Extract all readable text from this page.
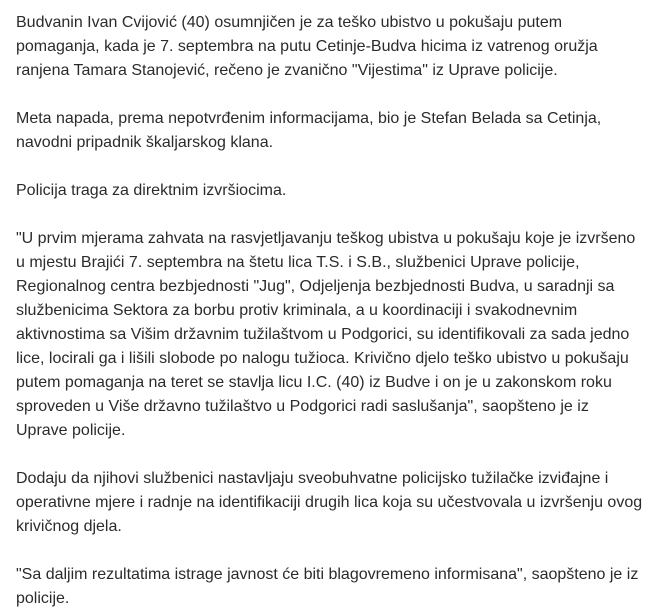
Budvanin Ivan Cvijović (40) osumnjičen je za teško ubistvo u pokušaju putem pomaganja, kada je 7. septembra na putu Cetinje-Budva hicima iz vatrenog oružja ranjena Tamara Stanojević, rečeno je zvanično "Vijestima" iz Uprave policije.

Meta napada, prema nepotvrđenim informacijama, bio je Stefan Belada sa Cetinja, navodni pripadnik škaljarskog klana.

Policija traga za direktnim izvršiocima.

"U prvim mjerama zahvata na rasvjetljavanju teškog ubistva u pokušaju koje je izvršeno u mjestu Brajići 7. septembra na štetu lica T.S. i S.B., službenici Uprave policije, Regionalnog centra bezbjednosti "Jug", Odjeljenja bezbjednosti Budva, u saradnji sa službenicima Sektora za borbu protiv kriminala, a u koordinaciji i svakodnevnim aktivnostima sa Višim državnim tužilaštvom u Podgorici, su identifikovali za sada jedno lice, locirali ga i lišili slobode po nalogu tužioca. Krivično djelo teško ubistvo u pokušaju putem pomaganja na teret se stavlja licu I.C. (40) iz Budve i on je u zakonskom roku sproveden u Više državno tužilaštvo u Podgorici radi saslušanja", saopšteno je iz Uprave policije.

Dodaju da njihovi službenici nastavljaju sveobuhvatne policijsko tužilačke izviđajne i operativne mjere i radnje na identifikaciji drugih lica koja su učestvovala u izvršenju ovog krivičnog djela.

"Sa daljim rezultatima istrage javnost će biti blagovremeno informisana", saopšteno je iz policije.
